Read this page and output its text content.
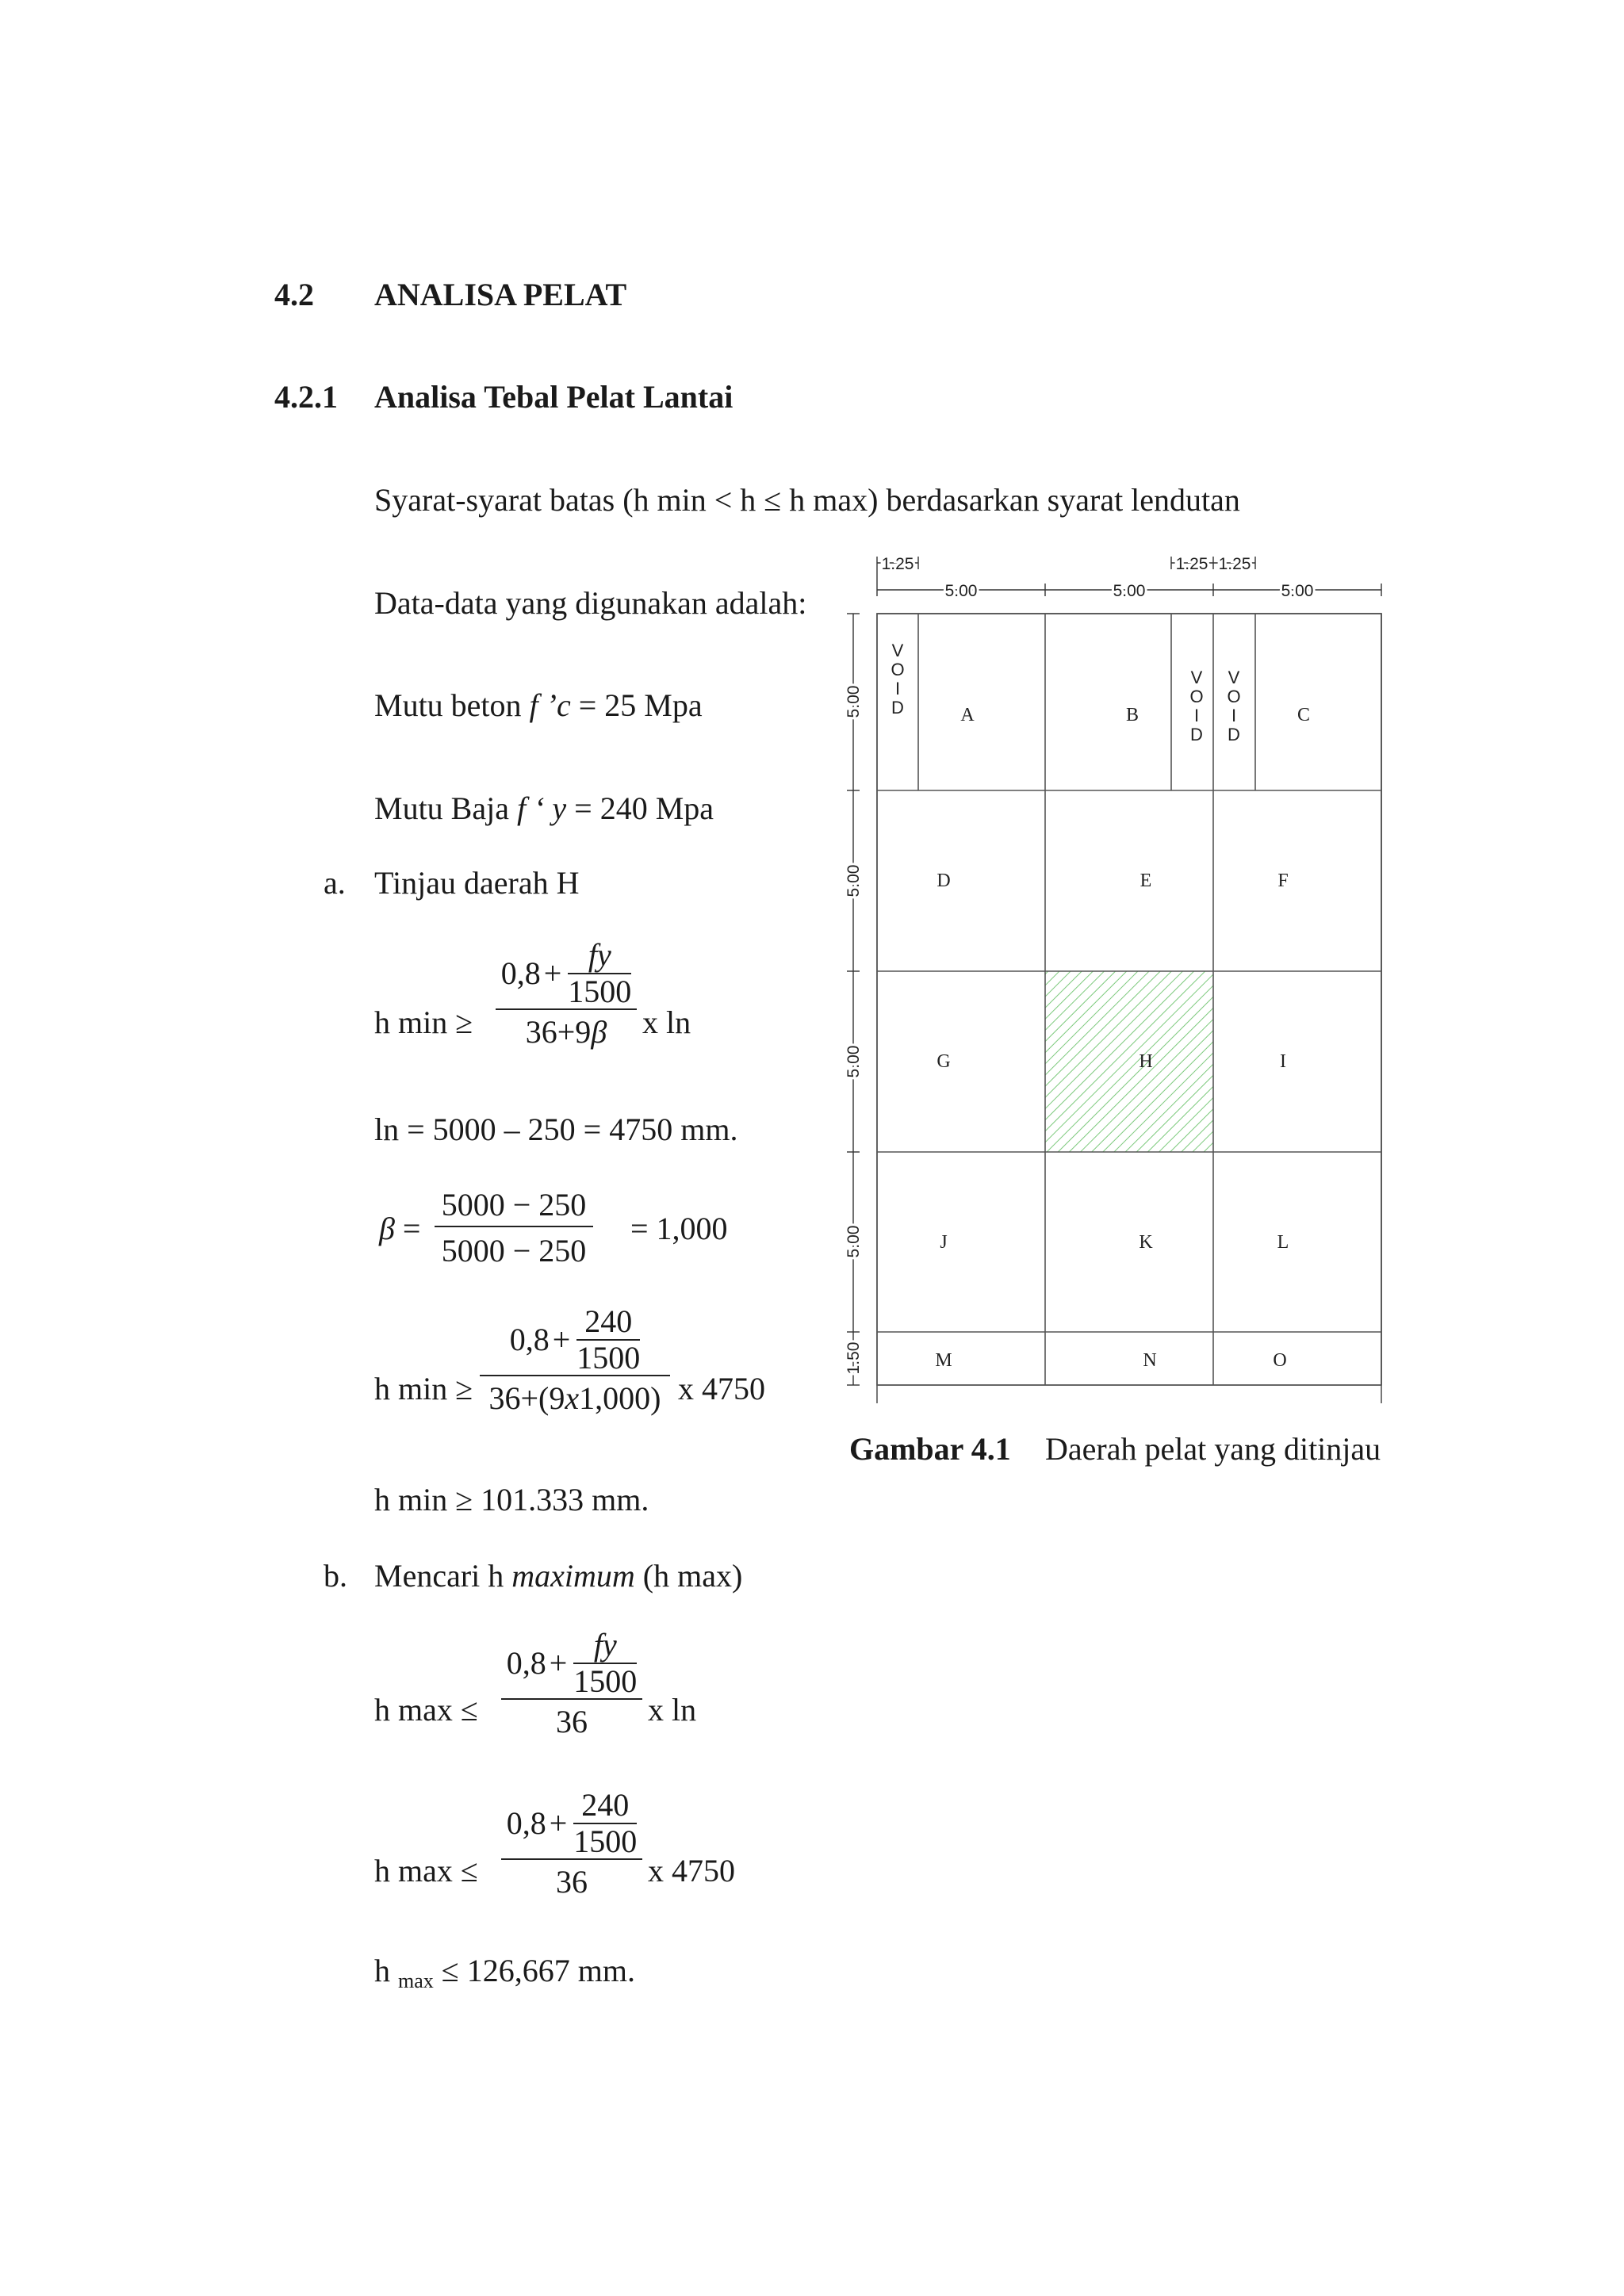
4.2 ANALISA PELAT
4.2.1 Analisa Tebal Pelat Lantai
Syarat-syarat batas (h min < h ≤ h max) berdasarkan syarat lendutan
Data-data yang digunakan adalah:
Mutu beton f ’c = 25 Mpa
Mutu Baja f ‘ y = 240 Mpa
a. Tinjau daerah H
h min ≥
$0,8 + \frac{fy}{1500}$
36+9β x ln
ln = 5000 – 250 = 4750 mm.
β =
5000 − 250
5000 − 250
= 1,000
h min ≥
$0,8 + \frac{240}{1500}$
36+(9x1,000) x 4750
h min ≥ 101.333 mm.
b. Mencari h maximum (h max)
h max ≤
$0,8 + \frac{fy}{1500}$
36 x ln
h max ≤
$0,8 + \frac{240}{1500}$
36 x 4750
h $_{max}$ ≤ 126,667 mm.
1.25	1.25 1.25
5.00	5.00	5.00
5.00
5.00
5.00
5.00
1.50
V
O
I
D
V
O
I
D
V
O
I
D
A	B	C
D	E	F
G	H	I
J	K	L
M	N	O
Gambar 4.1 Daerah pelat yang ditinjau
